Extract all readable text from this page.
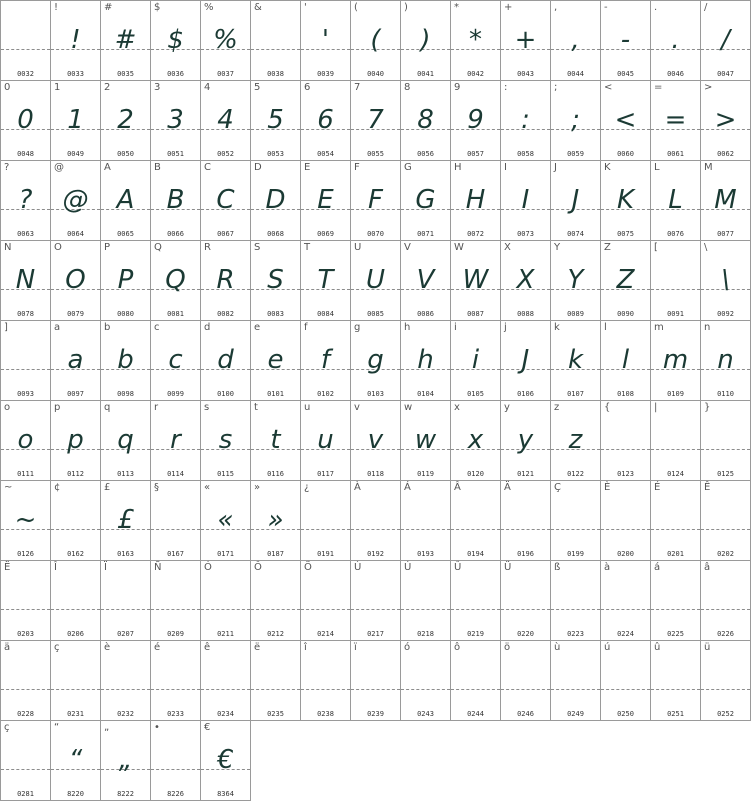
0032
!
!
0033
#
#
0035
$
$
0036
%
%
0037
&
0038
'
'
0039
(
(
0040
)
)
0041
*
*
0042
+
+
0043
,
,
0044
-
-
0045
.
.
0046
/
/
0047
0
0
0048
1
1
0049
2
2
0050
3
3
0051
4
4
0052
5
5
0053
6
6
0054
7
7
0055
8
8
0056
9
9
0057
:
:
0058
;
;
0059
<
<
0060
=
=
0061
>
>
0062
?
?
0063
@
@
0064
A
A
0065
B
B
0066
C
C
0067
D
D
0068
E
E
0069
F
F
0070
G
G
0071
H
H
0072
I
I
0073
J
J
0074
K
K
0075
L
L
0076
M
M
0077
N
N
0078
O
O
0079
P
P
0080
Q
Q
0081
R
R
0082
S
S
0083
T
T
0084
U
U
0085
V
V
0086
W
W
0087
X
X
0088
Y
Y
0089
Z
Z
0090
[
0091
\
\
0092
]
0093
a
a
0097
b
b
0098
c
c
0099
d
d
0100
e
e
0101
f
f
0102
g
g
0103
h
h
0104
i
i
0105
j
J
0106
k
k
0107
l
l
0108
m
m
0109
n
n
0110
o
o
0111
p
p
0112
q
q
0113
r
r
0114
s
s
0115
t
t
0116
u
u
0117
v
v
0118
w
w
0119
x
x
0120
y
y
0121
z
z
0122
{
0123
|
0124
}
0125
~
~
0126
¢
0162
£
£
0163
§
0167
«
«
0171
»
»
0187
¿
0191
À
0192
Á
0193
Â
0194
Ä
0196
Ç
0199
È
0200
É
0201
Ê
0202
Ë
0203
Î
0206
Ï
0207
Ñ
0209
Ó
0211
Ô
0212
Ö
0214
Ù
0217
Ú
0218
Û
0219
Ü
0220
ß
0223
à
0224
á
0225
â
0226
ä
0228
ç
0231
è
0232
é
0233
ê
0234
ë
0235
î
0238
ï
0239
ó
0243
ô
0244
ö
0246
ù
0249
ú
0250
û
0251
ü
0252
ç
0281
“
“
8220
„
„
8222
•
8226
€
€
8364
